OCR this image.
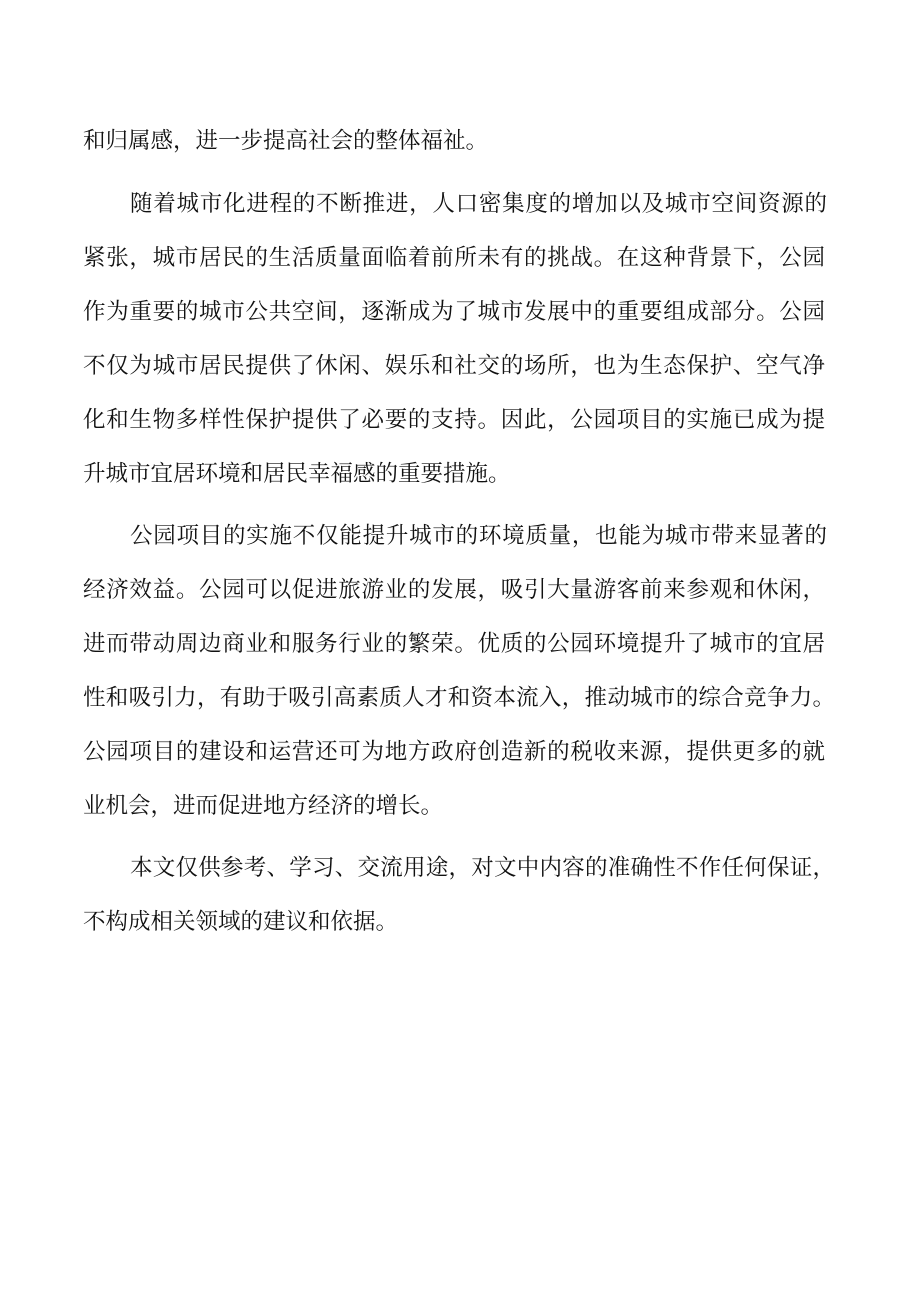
和归属感，进一步提高社会的整体福祉。
随着城市化进程的不断推进，人口密集度的增加以及城市空间资源的
紧张，城市居民的生活质量面临着前所未有的挑战。在这种背景下，公园
作为重要的城市公共空间，逐渐成为了城市发展中的重要组成部分。公园
不仅为城市居民提供了休闲、娱乐和社交的场所，也为生态保护、空气净
化和生物多样性保护提供了必要的支持。因此，公园项目的实施已成为提
升城市宜居环境和居民幸福感的重要措施。
公园项目的实施不仅能提升城市的环境质量，也能为城市带来显著的
经济效益。公园可以促进旅游业的发展，吸引大量游客前来参观和休闲，
进而带动周边商业和服务行业的繁荣。优质的公园环境提升了城市的宜居
性和吸引力，有助于吸引高素质人才和资本流入，推动城市的综合竞争力。
公园项目的建设和运营还可为地方政府创造新的税收来源，提供更多的就
业机会，进而促进地方经济的增长。
本文仅供参考、学习、交流用途，对文中内容的准确性不作任何保证，
不构成相关领域的建议和依据。
